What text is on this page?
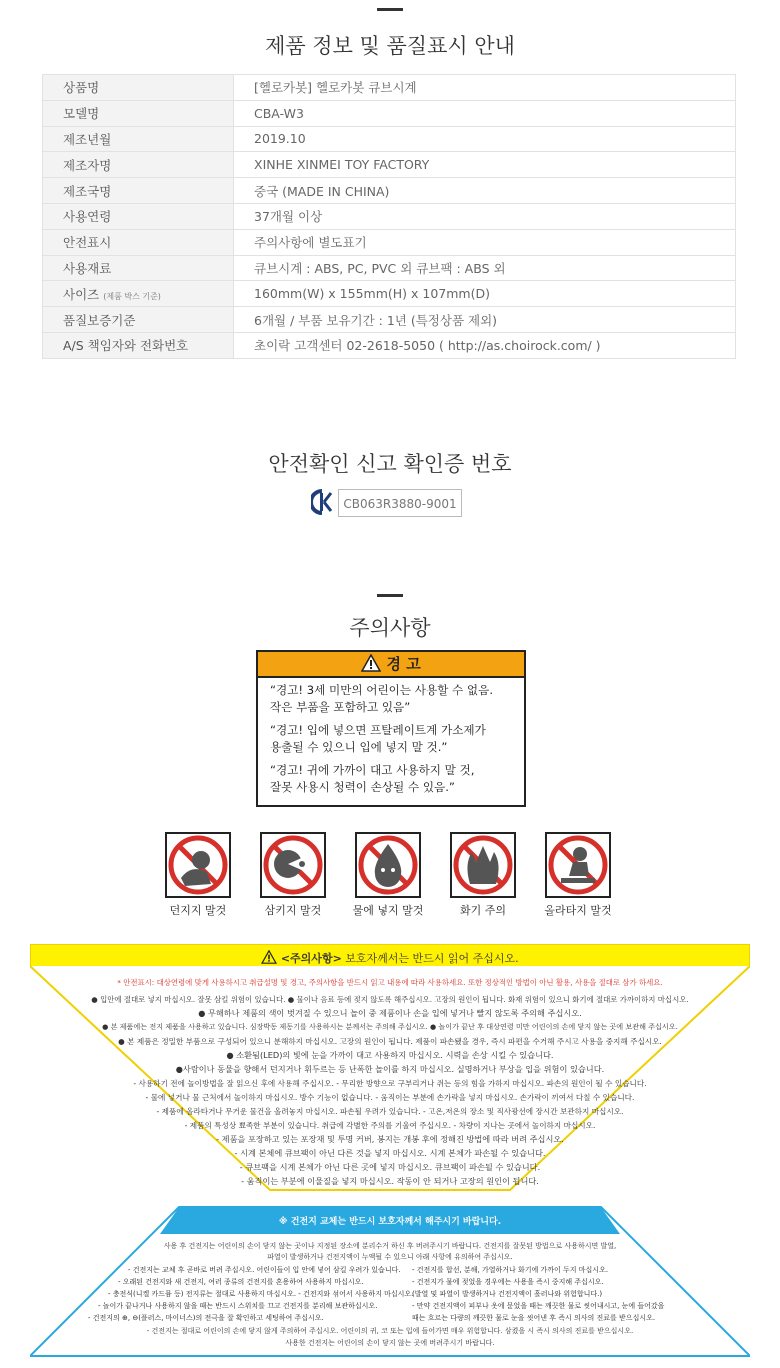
제품 정보 및 품질표시 안내
상품명	[헬로카봇] 헬로카봇 큐브시계
모델명	CBA-W3
제조년월	2019.10
제조자명	XINHE XINMEI TOY FACTORY
제조국명	중국 (MADE IN CHINA)
사용연령	37개월 이상
안전표시	주의사항에 별도표기
사용재료	큐브시계 : ABS, PC, PVC 외 큐브팩 : ABS 외
사이즈 (제품 박스 기준)	160mm(W) x 155mm(H) x 107mm(D)
품질보증기준	6개월 / 부품 보유기간 : 1년 (특정상품 제외)
A/S 책임자와 전화번호	초이락 고객센터 02-2618-5050 ( http://as.choirock.com/ )
안전확인 신고 확인증 번호
CB063R3880-9001
주의사항
경 고
“경고! 3세 미만의 어린이는 사용할 수 없음.
작은 부품을 포함하고 있음”
“경고! 입에 넣으면 프탈레이트계 가소제가
용출될 수 있으니 입에 넣지 말 것.”
“경고! 귀에 가까이 대고 사용하지 말 것,
잘못 사용시 청력이 손상될 수 있음.”
던지지 말것	삼키지 말것	물에 넣지 말것	화기 주의	올라타지 말것
<주의사항> 보호자께서는 반드시 읽어 주십시오.
* 안전표시: 대상연령에 맞게 사용하시고 취급설명 및 경고, 주의사항을 반드시 읽고 내용에 따라 사용하세요. 또한 정상적인 방법이 아닌 활용, 사용을 절대로 삼가 하세요.
● 입안에 절대로 넣지 마십시오. 잘못 삼킬 위험이 있습니다. ● 물이나 음료 등에 젖지 않도록 해주십시오. 고장의 원인이 됩니다. 화재 위험이 있으니 화기에 절대로 가까이하지 마십시오.
● 무해하나 제품의 색이 벗겨질 수 있으니 놀이 중 제품이나 손을 입에 넣거나 빨지 않도록 주의해 주십시오.
● 본 제품에는 전지 제품을 사용하고 있습니다. 심장박동 제동기를 사용하시는 분께서는 주의해 주십시오. ● 놀이가 끝난 후 대상연령 미만 어린이의 손에 닿지 않는 곳에 보관해 주십시오.
● 본 제품은 정밀한 부품으로 구성되어 있으니 분해하지 마십시오. 고장의 원인이 됩니다. 제품이 파손됐을 경우, 즉시 파편을 수거해 주시고 사용을 중지해 주십시오.
● 소환됨(LED)의 빛에 눈을 가까이 대고 사용하지 마십시오. 시력을 손상 시킬 수 있습니다.
●사람이나 동물을 향해서 던지거나 휘두르는 등 난폭한 놀이를 하지 마십시오. 실명하거나 부상을 입을 위험이 있습니다.
- 사용하기 전에 놀이방법을 잘 읽으신 후에 사용해 주십시오. - 무리한 방향으로 구부리거나 쥐는 등의 힘을 가하지 마십시오. 파손의 원인이 될 수 있습니다.
- 물에 넣거나 물 근처에서 놀이하지 마십시오. 방수 기능이 없습니다. - 움직이는 부분에 손가락을 넣지 마십시오. 손가락이 끼여서 다칠 수 있습니다.
- 제품에 올라타거나 무거운 물건을 올려놓지 마십시오. 파손될 우려가 있습니다. - 고온,저온의 장소 및 직사광선에 장시간 보관하지 마십시오.
- 제품의 특성상 뾰족한 부분이 있습니다. 취급에 각별한 주의를 기울여 주십시오. - 차량이 지나는 곳에서 놀이하지 마십시오.
- 제품을 포장하고 있는 포장재 및 투명 커버, 봉지는 개봉 후에 정해진 방법에 따라 버려 주십시오.
- 시계 본체에 큐브팩이 아닌 다른 것을 넣지 마십시오. 시계 본체가 파손될 수 있습니다.
- 큐브팩을 시계 본체가 아닌 다른 곳에 넣지 마십시오. 큐브팩이 파손될 수 있습니다.
- 움직이는 부분에 이물질을 넣지 마십시오. 작동이 안 되거나 고장의 원인이 됩니다.
※ 건전지 교체는 반드시 보호자께서 해주시기 바랍니다.
사용 후 건전지는 어린이의 손이 닿지 않는 곳이나 지정된 장소에 분리수거 하신 후 버려주시기 바랍니다. 건전지를 잘못된 방법으로 사용하시면 발열,
파열이 발생하거나 건전지액이 누액될 수 있으니 아래 사항에 유의하여 주십시오.
- 건전지는 교체 후 곧바로 버려 주십시오. 어린이들이 입 안에 넣어 삼킬 우려가 있습니다.
- 오래된 건전지와 새 건전지, 여러 종류의 건전지를 혼용하여 사용하지 마십시오.
- 충전식(니켈 카드뮴 등) 전지류는 절대로 사용하지 마십시오. - 건전지와 섞어서 사용하지 마십시오.
- 놀이가 끝나거나 사용하지 않을 때는 반드시 스위치를 끄고 건전지를 분리해 보관하십시오.
- 건전지의 ⊕, ⊖(플러스, 마이너스)의 전극을 잘 확인하고 세팅하여 주십시오.
- 건전지를 합선, 분해, 가열하거나 화기에 가까이 두지 마십시오.
- 건전지가 물에 젖었을 경우에는 사용을 즉시 중지해 주십시오.
(발열 및 파열이 발생하거나 건전지액이 흘러나와 위험합니다.)
- 만약 건전지액이 피부나 옷에 묻었을 때는 깨끗한 물로 씻어내시고, 눈에 들어갔을
때는 흐르는 다량의 깨끗한 물로 눈을 씻어낸 후 즉시 의사의 진료를 받으십시오.
- 건전지는 절대로 어린이의 손에 닿지 않게 주의하여 주십시오. 어린이의 귀, 코 또는 입에 들어가면 매우 위험합니다. 삼켰을 시 즉시 의사의 진료를 받으십시오.
사용한 건전지는 어린이의 손이 닿지 않는 곳에 버려주시기 바랍니다.
